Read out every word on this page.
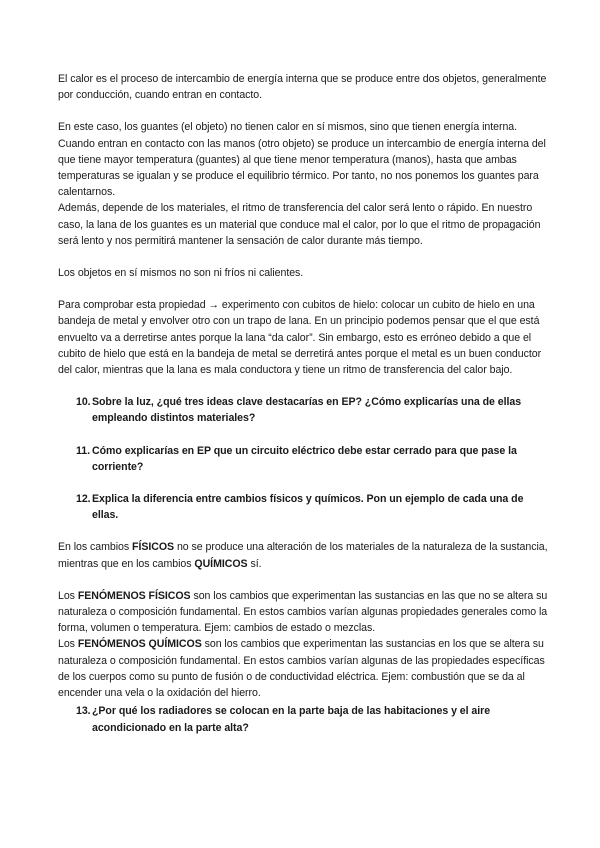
El calor es el proceso de intercambio de energía interna que se produce entre dos objetos, generalmente por conducción, cuando entran en contacto.

En este caso, los guantes (el objeto) no tienen calor en sí mismos, sino que tienen energía interna. Cuando entran en contacto con las manos (otro objeto) se produce un intercambio de energía interna del que tiene mayor temperatura (guantes) al que tiene menor temperatura (manos), hasta que ambas temperaturas se igualan y se produce el equilibrio térmico. Por tanto, no nos ponemos los guantes para calentarnos.

Además, depende de los materiales, el ritmo de transferencia del calor será lento o rápido. En nuestro caso, la lana de los guantes es un material que conduce mal el calor, por lo que el ritmo de propagación será lento y nos permitirá mantener la sensación de calor durante más tiempo.

Los objetos en sí mismos no son ni fríos ni calientes.

Para comprobar esta propiedad → experimento con cubitos de hielo: colocar un cubito de hielo en una bandeja de metal y envolver otro con un trapo de lana. En un principio podemos pensar que el que está envuelto va a derretirse antes porque la lana “da calor”. Sin embargo, esto es erróneo debido a que el cubito de hielo que está en la bandeja de metal se derretirá antes porque el metal es un buen conductor del calor, mientras que la lana es mala conductora y tiene un ritmo de transferencia del calor bajo.

10. Sobre la luz, ¿qué tres ideas clave destacarías en EP? ¿Cómo explicarías una de ellas empleando distintos materiales?
11. Cómo explicarías en EP que un circuito eléctrico debe estar cerrado para que pase la corriente?
12. Explica la diferencia entre cambios físicos y químicos. Pon un ejemplo de cada una de ellas.

En los cambios FÍSICOS no se produce una alteración de los materiales de la naturaleza de la sustancia, mientras que en los cambios QUÍMICOS sí.

Los FENÓMENOS FÍSICOS son los cambios que experimentan las sustancias en las que no se altera su naturaleza o composición fundamental. En estos cambios varían algunas propiedades generales como la forma, volumen o temperatura. Ejem: cambios de estado o mezclas.

Los FENÓMENOS QUÍMICOS son los cambios que experimentan las sustancias en los que se altera su naturaleza o composición fundamental. En estos cambios varían algunas de las propiedades específicas de los cuerpos como su punto de fusión o de conductividad eléctrica. Ejem: combustión que se da al encender una vela o la oxidación del hierro.

13. ¿Por qué los radiadores se colocan en la parte baja de las habitaciones y el aire acondicionado en la parte alta?
